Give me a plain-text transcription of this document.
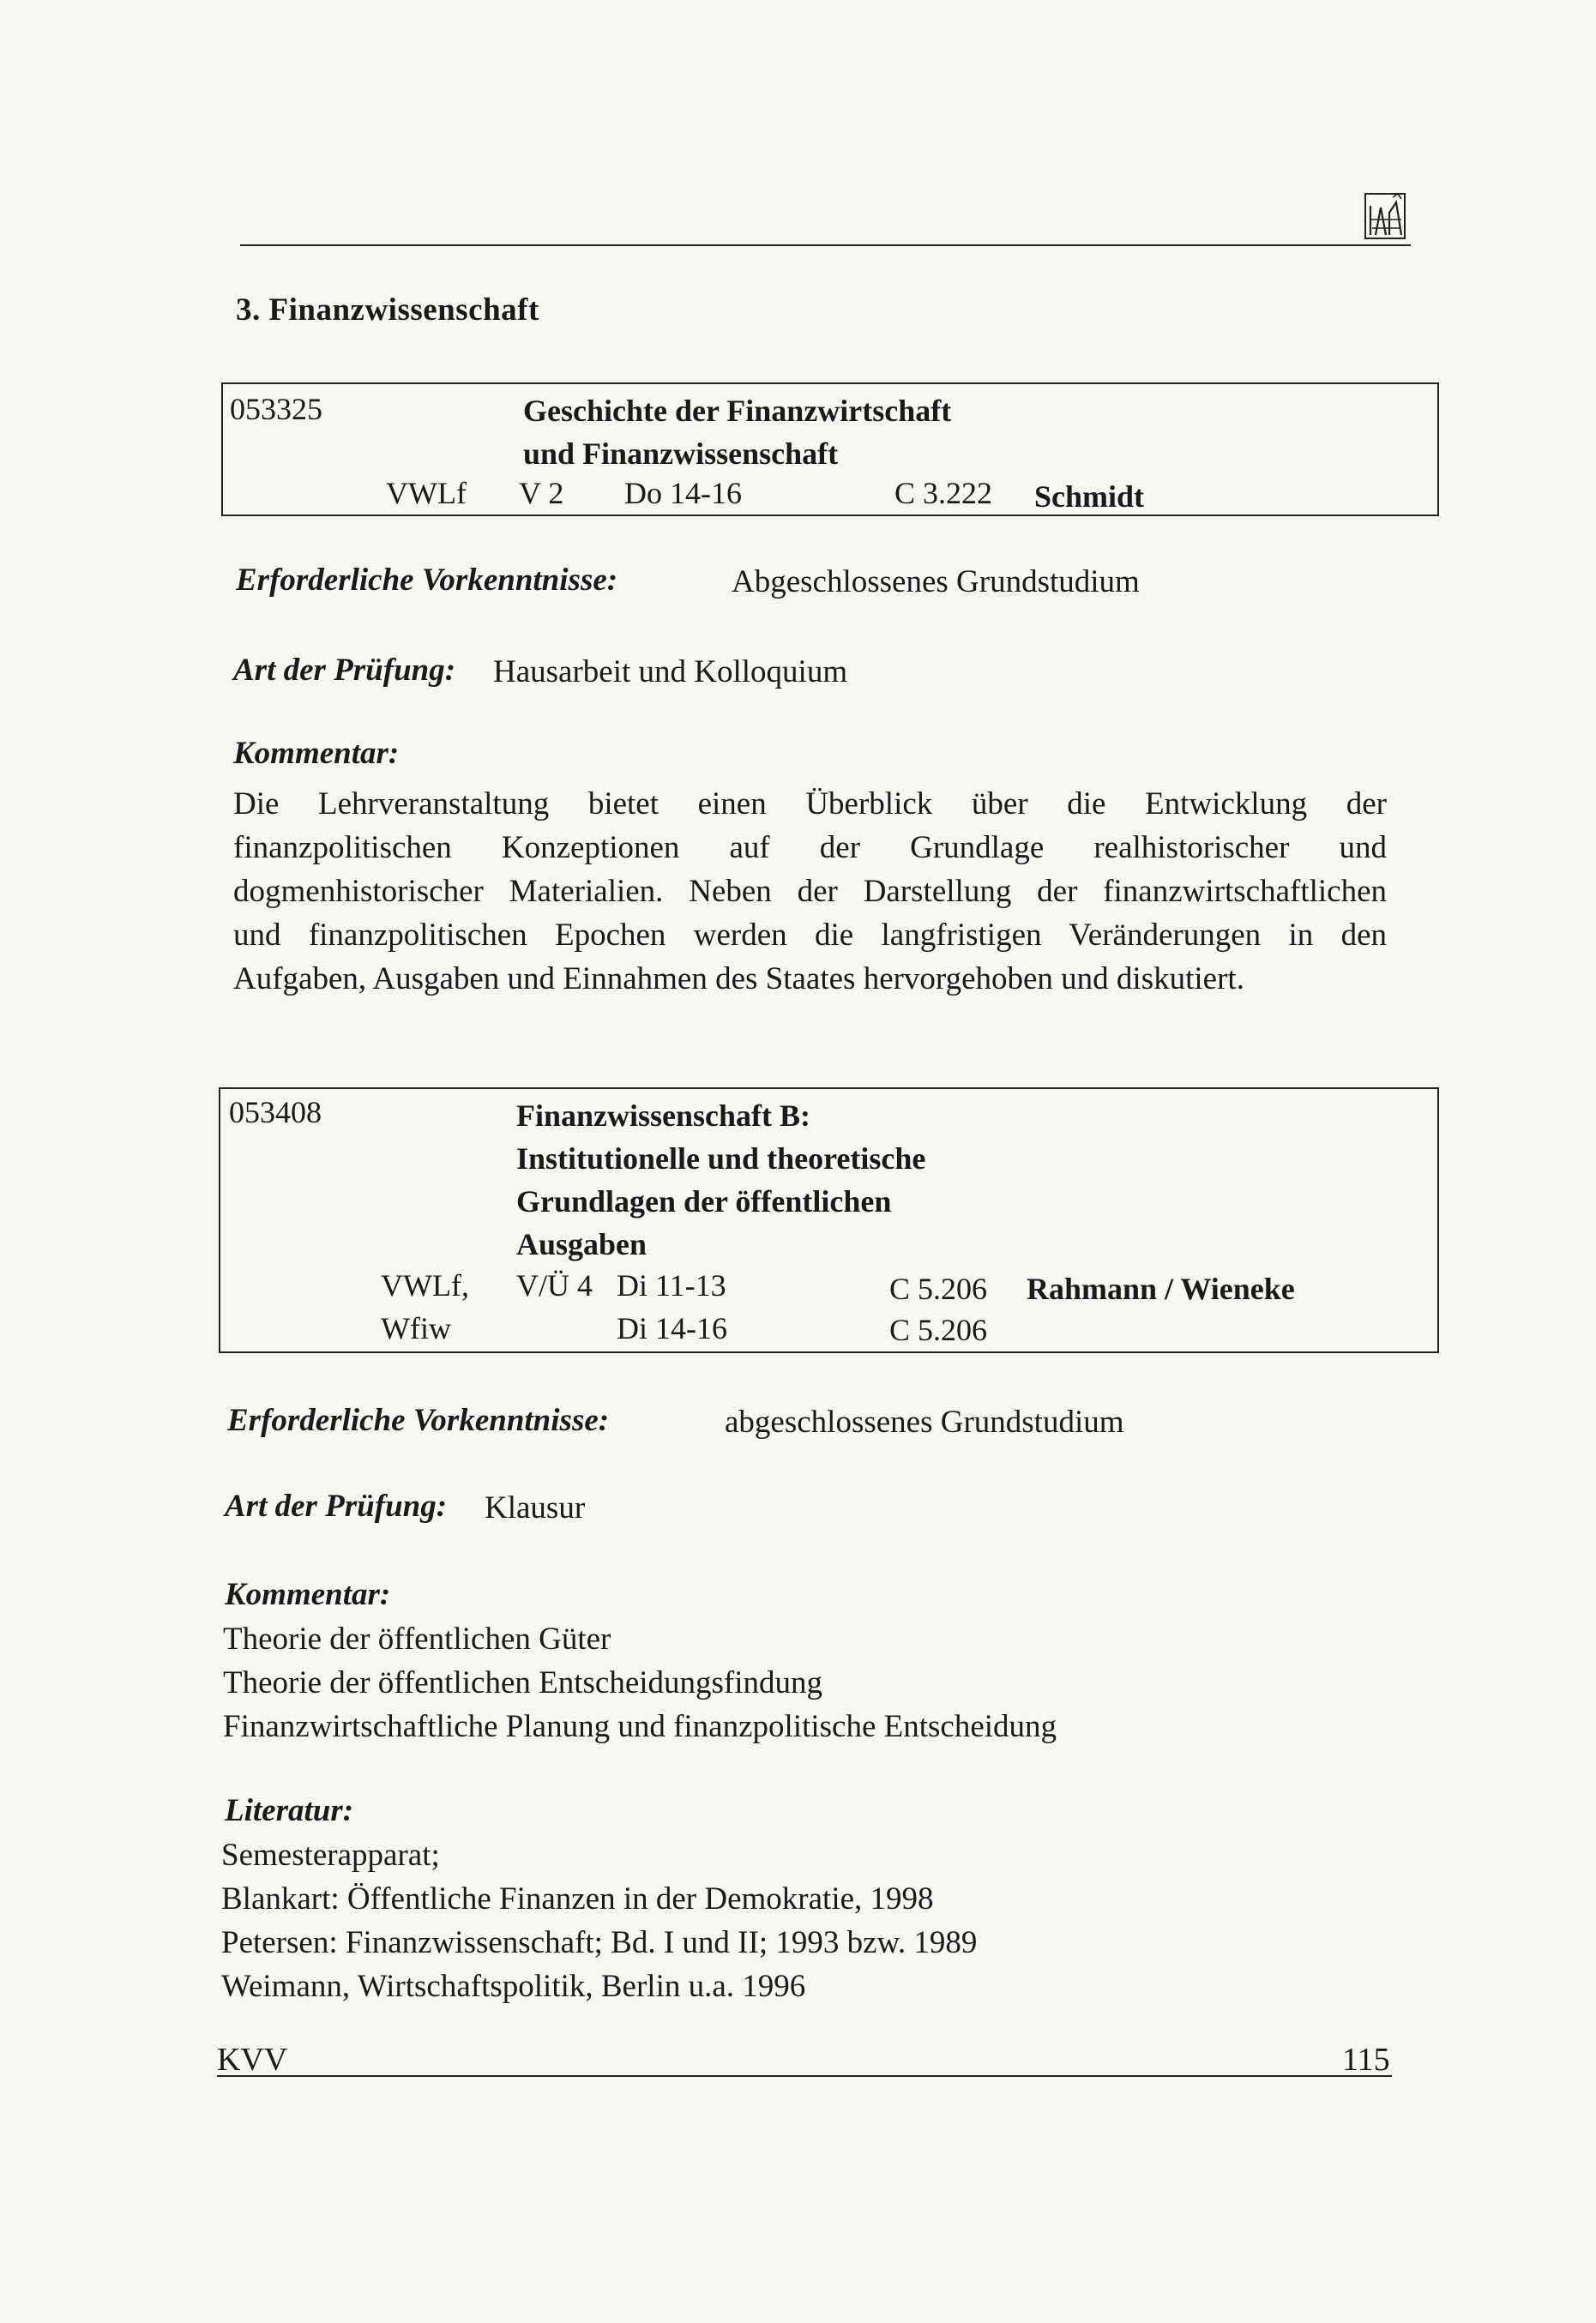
3. Finanzwissenschaft
053325	Geschichte der Finanzwirtschaft
und Finanzwissenschaft
VWLf V 2 Do 14-16	C 3.222 Schmidt
Erforderliche Vorkenntnisse:	Abgeschlossenes Grundstudium
Art der Prüfung: Hausarbeit und Kolloquium
Kommentar:
Die Lehrveranstaltung bietet einen Überblick über die Entwicklung der
finanzpolitischen Konzeptionen auf der Grundlage realhistorischer und
dogmenhistorischer Materialien. Neben der Darstellung der finanzwirtschaftlichen
und finanzpolitischen Epochen werden die langfristigen Veränderungen in den
Aufgaben, Ausgaben und Einnahmen des Staates hervorgehoben und diskutiert.
053408	Finanzwissenschaft B:
Institutionelle und theoretische
Grundlagen der öffentlichen
Ausgaben
VWLf, V/Ü 4 Di 11-13	C 5.206 Rahmann / Wieneke
Wfiw	Di 14-16	C 5.206
Erforderliche Vorkenntnisse:	abgeschlossenes Grundstudium
Art der Prüfung: Klausur
Kommentar:
Theorie der öffentlichen Güter
Theorie der öffentlichen Entscheidungsfindung
Finanzwirtschaftliche Planung und finanzpolitische Entscheidung
Literatur:
Semesterapparat;
Blankart: Öffentliche Finanzen in der Demokratie, 1998
Petersen: Finanzwissenschaft; Bd. I und II; 1993 bzw. 1989
Weimann, Wirtschaftspolitik, Berlin u.a. 1996
KVV	115
